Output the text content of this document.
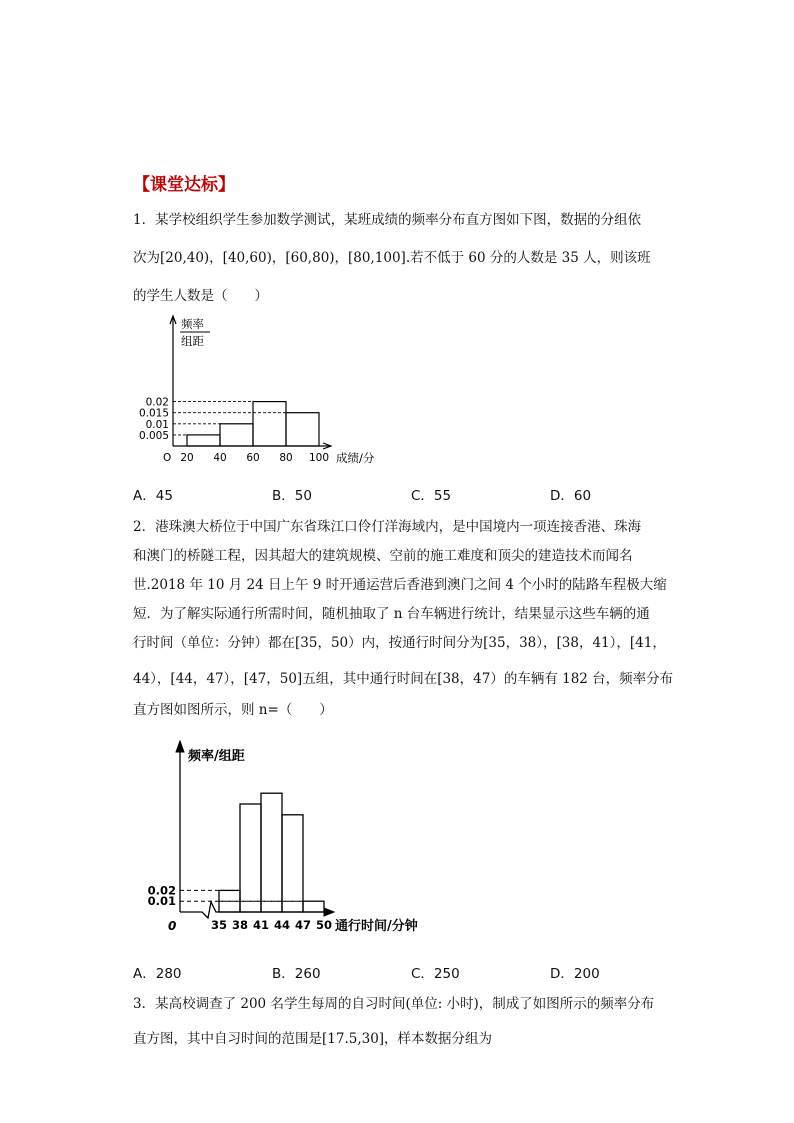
【课堂达标】
1．某学校组织学生参加数学测试，某班成绩的频率分布直方图如下图，数据的分组依
次为[20,40)，[40,60)，[60,80)，[80,100].若不低于 60 分的人数是 35 人，则该班
的学生人数是（　　）
频率
组距
0.005
0.01
0.015
0.02
O 20 40 60 80 100 成绩/分
A．45	B．50	C．55	D．60
2．港珠澳大桥位于中国广东省珠江口伶仃洋海域内，是中国境内一项连接香港、珠海
和澳门的桥隧工程，因其超大的建筑规模、空前的施工难度和顶尖的建造技术而闻名
世.2018 年 10 月 24 日上午 9 时开通运营后香港到澳门之间 4 个小时的陆路车程极大缩
短．为了解实际通行所需时间，随机抽取了 n 台车辆进行统计，结果显示这些车辆的通
行时间（单位：分钟）都在[35，50）内，按通行时间分为[35，38），[38，41），[41，
44），[44，47），[47，50]五组，其中通行时间在[38，47）的车辆有 182 台，频率分布
直方图如图所示，则 n=（　　）
频率/组距
0.02
0.01
0	35 38 41 44 47 50 通行时间/分钟
A．280	B．260	C．250	D．200
3．某高校调查了 200 名学生每周的自习时间(单位: 小时)，制成了如图所示的频率分布
直方图，其中自习时间的范围是[17.5,30]，样本数据分组为
